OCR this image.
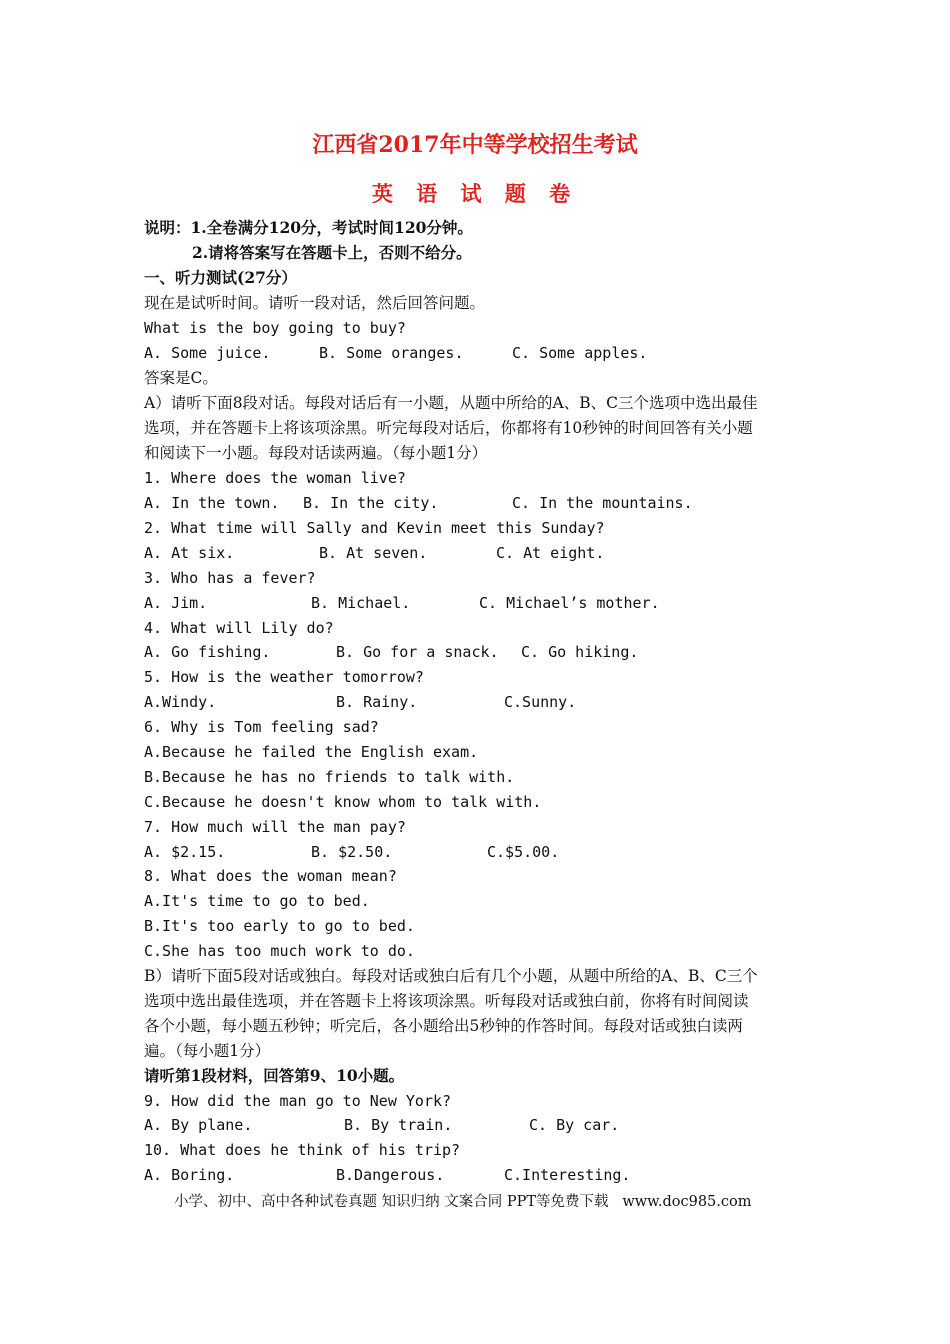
江西省2017年中等学校招生考试
英 语 试 题 卷
说明：1.全卷满分120分，考试时间120分钟。
2.请将答案写在答题卡上，否则不给分。
一、听力测试(27分）
现在是试听时间。请听一段对话，然后回答问题。
What is the boy going to buy?
A. Some juice.	B. Some oranges.	C. Some apples.
答案是C。
A）请听下面8段对话。每段对话后有一小题，从题中所给的A、B、C三个选项中选出最佳
选项，并在答题卡上将该项涂黑。听完每段对话后，你都将有10秒钟的时间回答有关小题
和阅读下一小题。每段对话读两遍。（每小题1分）
1. Where does the woman live?
A. In the town. B. In the city.	C. In the mountains.
2. What time will Sally and Kevin meet this Sunday?
A. At six.	B. At seven.	C. At eight.
3. Who has a fever?
A. Jim.	B. Michael.	C. Michael’s mother.
4. What will Lily do?
A. Go fishing.	B. Go for a snack. C. Go hiking.
5. How is the weather tomorrow?
A.Windy.	B. Rainy.	C.Sunny.
6. Why is Tom feeling sad?
A.Because he failed the English exam.
B.Because he has no friends to talk with.
C.Because he doesn't know whom to talk with.
7. How much will the man pay?
A. $2.15.	B. $2.50.	C.$5.00.
8. What does the woman mean?
A.It's time to go to bed.
B.It's too early to go to bed.
C.She has too much work to do.
B）请听下面5段对话或独白。每段对话或独白后有几个小题，从题中所给的A、B、C三个
选项中选出最佳选项，并在答题卡上将该项涂黑。听每段对话或独白前，你将有时间阅读
各个小题，每小题五秒钟；听完后，各小题给出5秒钟的作答时间。每段对话或独白读两
遍。（每小题1分）
请听第1段材料，回答第9、10小题。
9. How did the man go to New York?
A. By plane.	B. By train.	C. By car.
10. What does he think of his trip?
A. Boring.	B.Dangerous.	C.Interesting.
小学、初中、高中各种试卷真题 知识归纳 文案合同 PPT等免费下载   www.doc985.com
